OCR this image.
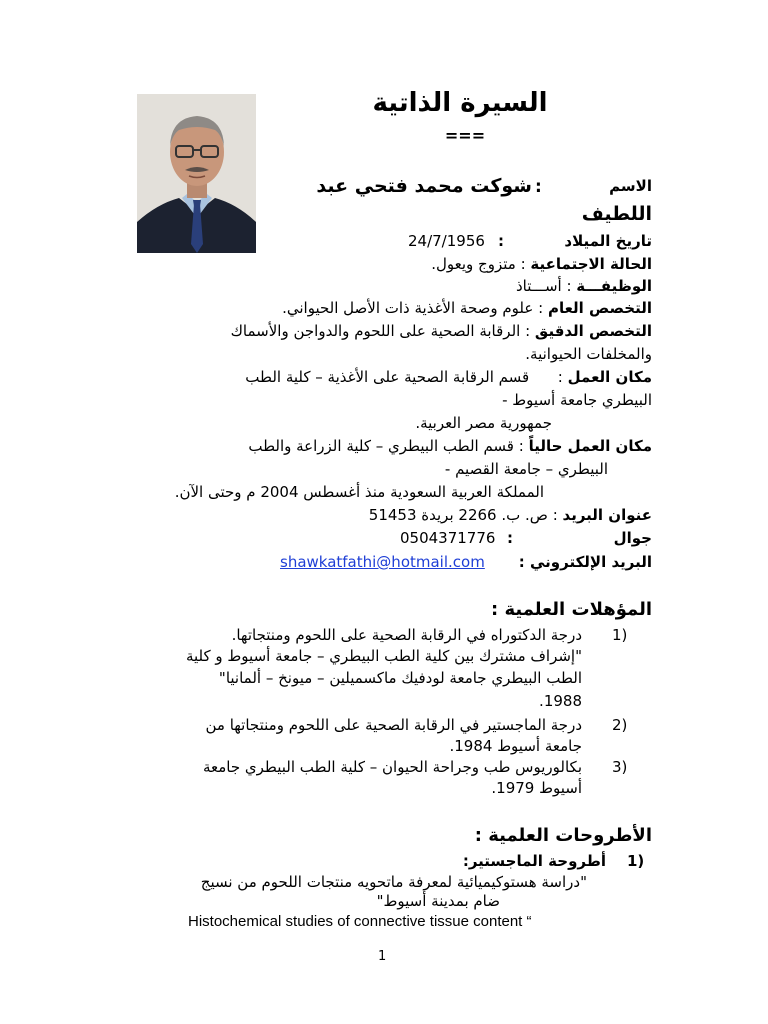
السيرة الذاتية
===
الاسم
:
شوكت محمد فتحي عبد
اللطيف
تاريخ الميلاد
:
24/7/1956
الحالة الاجتماعية : متزوج ويعول.
الوظيفـــة : أســـتاذ
التخصص العام : علوم وصحة الأغذية ذات الأصل الحيواني.
التخصص الدقيق : الرقابة الصحية على اللحوم والدواجن والأسماك
والمخلفات الحيوانية.
مكان العمل :      قسم الرقابة الصحية على الأغذية – كلية الطب
البيطري جامعة أسيوط -
جمهورية مصر العربية.
مكان العمل حالياً : قسم الطب البيطري – كلية الزراعة والطب
البيطري – جامعة القصيم -
المملكة العربية السعودية منذ أغسطس 2004 م وحتى الآن.
عنوان البريد : ص. ب. 2266 بريدة 51453
جوال
:
0504371776
البريد الإلكتروني :
shawkatfathi@hotmail.com
المؤهلات العلمية :
1)
درجة الدكتوراه في الرقابة الصحية على اللحوم ومنتجاتها.
"إشراف مشترك بين كلية الطب البيطري – جامعة أسيوط و كلية
الطب البيطري جامعة لودفيك ماكسميلين – ميونخ – ألمانيا"
1988.
2)
درجة الماجستير في الرقابة الصحية على اللحوم ومنتجاتها من
جامعة أسيوط 1984.
3)
بكالوريوس طب وجراحة الحيوان – كلية الطب البيطري جامعة
أسيوط 1979.
الأطروحات العلمية :
1)
أطروحة الماجستير:
"دراسة هستوكيميائية لمعرفة ماتحويه منتجات اللحوم من نسيج
ضام بمدينة أسيوط"
Histochemical studies of connective tissue content “
1
